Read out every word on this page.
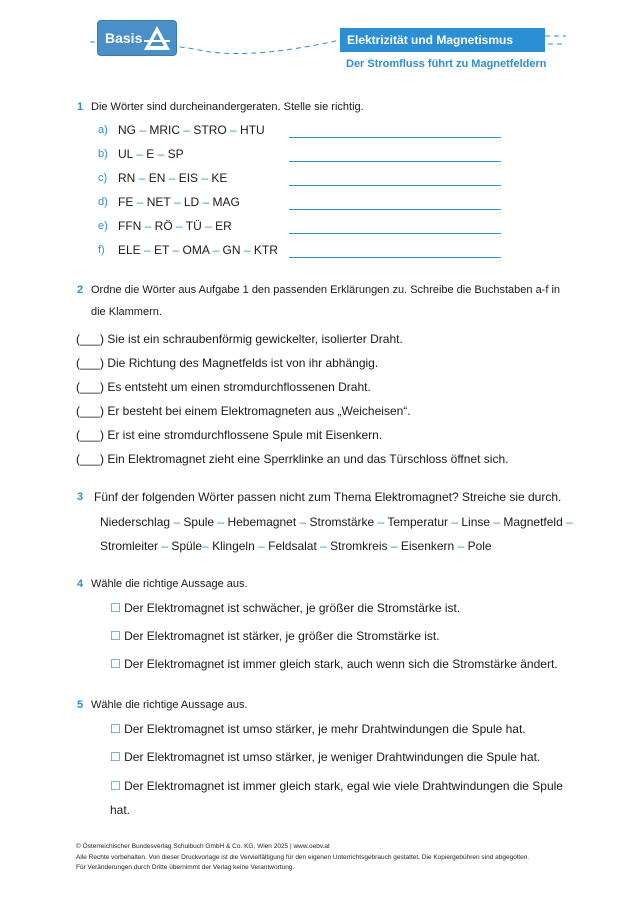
Basis	Elektrizität und Magnetismus
Der Stromfluss führt zu Magnetfeldern
1 Die Wörter sind durcheinandergeraten. Stelle sie richtig.
a) NG – MRIC – STRO – HTU
b) UL – E – SP
c) RN – EN – EIS – KE
d) FE – NET – LD – MAG
e) FFN – RÖ – TÜ – ER
f) ELE – ET – OMA – GN – KTR
2 Ordne die Wörter aus Aufgabe 1 den passenden Erklärungen zu. Schreibe die Buchstaben a-f in
die Klammern.
(___) Sie ist ein schraubenförmig gewickelter, isolierter Draht.
(___) Die Richtung des Magnetfelds ist von ihr abhängig.
(___) Es entsteht um einen stromdurchflossenen Draht.
(___) Er besteht bei einem Elektromagneten aus „Weicheisen“.
(___) Er ist eine stromdurchflossene Spule mit Eisenkern.
(___) Ein Elektromagnet zieht eine Sperrklinke an und das Türschloss öffnet sich.
3 Fünf der folgenden Wörter passen nicht zum Thema Elektromagnet? Streiche sie durch.
Niederschlag – Spule – Hebemagnet – Stromstärke – Temperatur – Linse – Magnetfeld –
Stromleiter – Spüle– Klingeln – Feldsalat – Stromkreis – Eisenkern – Pole
4 Wähle die richtige Aussage aus.
☐ Der Elektromagnet ist schwächer, je größer die Stromstärke ist.
☐ Der Elektromagnet ist stärker, je größer die Stromstärke ist.
☐ Der Elektromagnet ist immer gleich stark, auch wenn sich die Stromstärke ändert.
5 Wähle die richtige Aussage aus.
☐ Der Elektromagnet ist umso stärker, je mehr Drahtwindungen die Spule hat.
☐ Der Elektromagnet ist umso stärker, je weniger Drahtwindungen die Spule hat.
☐ Der Elektromagnet ist immer gleich stark, egal wie viele Drahtwindungen die Spule
hat.
© Österreichischer Bundesverlag Schulbuch GmbH & Co. KG, Wien 2025 | www.oebv.at
Alle Rechte vorbehalten. Von dieser Druckvorlage ist die Vervielfältigung für den eigenen Unterrichtsgebrauch gestattet. Die Kopiergebühren sind abgegolten.
Für Veränderungen durch Dritte übernimmt der Verlag keine Verantwortung.
